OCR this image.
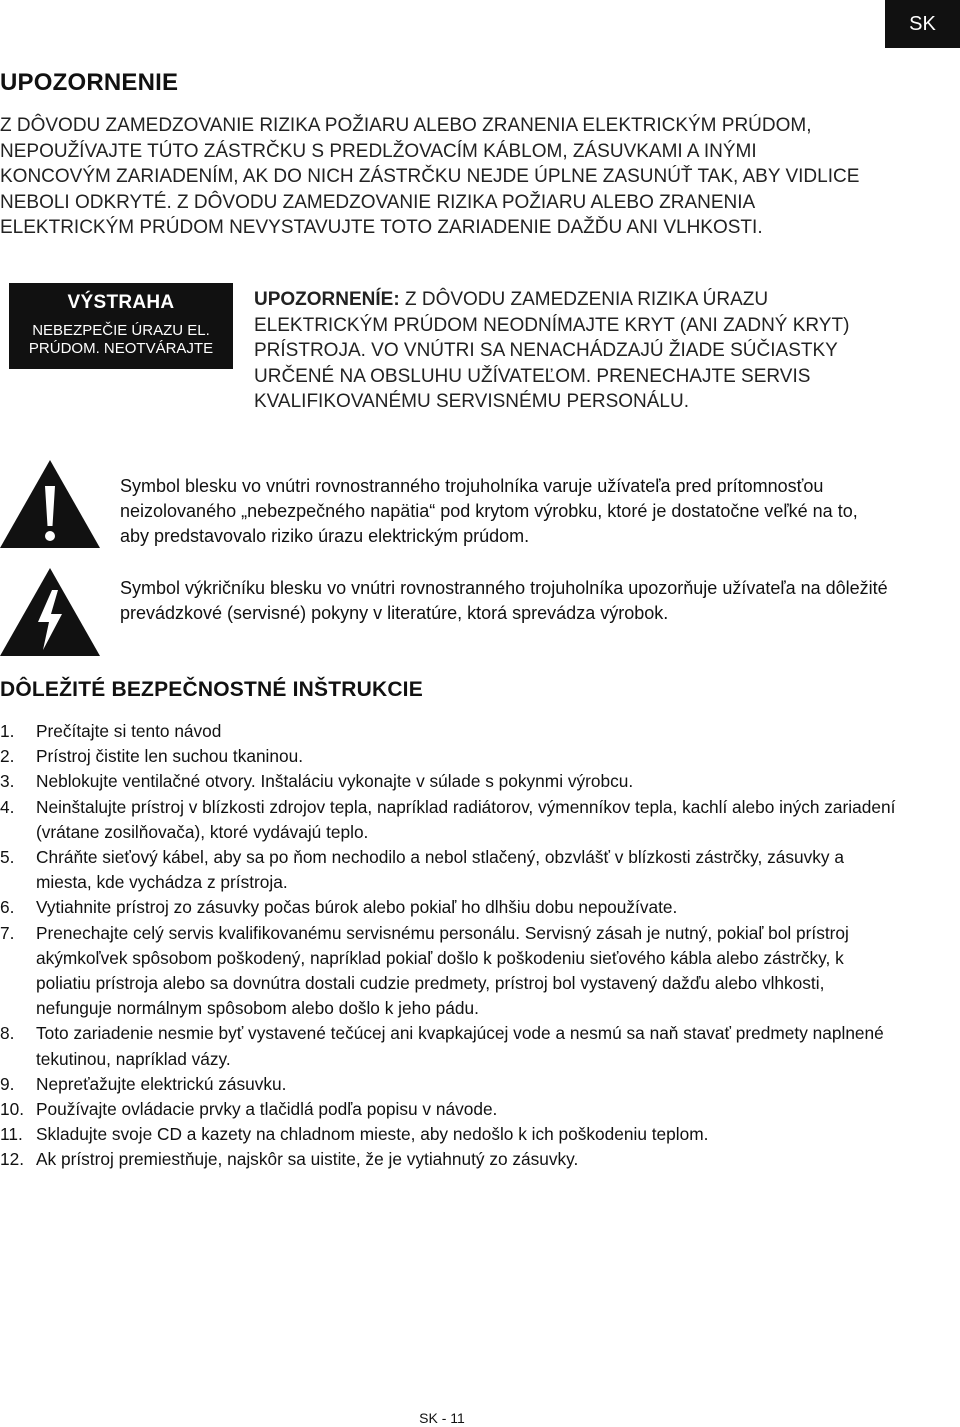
SK
UPOZORNENIE

Z DÔVODU ZAMEDZOVANIE RIZIKA POŽIARU ALEBO ZRANENIA ELEKTRICKÝM PRÚDOM, NEPOUŽÍVAJTE TÚTO ZÁSTRČKU S PREDLŽOVACÍM KÁBLOM, ZÁSUVKAMI A INÝMI KONCOVÝM ZARIADENÍM, AK DO NICH ZÁSTRČKU NEJDE ÚPLNE ZASUNÚŤ TAK, ABY VIDLICE NEBOLI ODKRYTÉ. Z DÔVODU ZAMEDZOVANIE RIZIKA POŽIARU ALEBO ZRANENIA ELEKTRICKÝM PRÚDOM NEVYSTAVUJTE TOTO ZARIADENIE DAŽĎU ANI VLHKOSTI.

VÝSTRAHA
NEBEZPEČIE ÚRAZU EL. PRÚDOM. NEOTVÁRAJTE

UPOZORNENÍE: Z DÔVODU ZAMEDZENIA RIZIKA ÚRAZU ELEKTRICKÝM PRÚDOM NEODNÍMAJTE KRYT (ANI ZADNÝ KRYT) PRÍSTROJA. VO VNÚTRI SA NENACHÁDZAJÚ ŽIADE SÚČIASTKY URČENÉ NA OBSLUHU UŽÍVATEĽOM. PRENECHAJTE SERVIS KVALIFIKOVANÉMU SERVISNÉMU PERSONÁLU.

Symbol blesku vo vnútri rovnostranného trojuholníka varuje užívateľa pred prítomnosťou neizolovaného „nebezpečného napätia“ pod krytom výrobku, ktoré je dostatočne veľké na to, aby predstavovalo riziko úrazu elektrickým prúdom.

Symbol výkričníku blesku vo vnútri rovnostranného trojuholníka upozorňuje užívateľa na dôležité prevádzkové (servisné) pokyny v literatúre, ktorá sprevádza výrobok.

DÔLEŽITÉ BEZPEČNOSTNÉ INŠTRUKCIE
1.	Prečítajte si tento návod
2.	Prístroj čistite len suchou tkaninou.
3.	Neblokujte ventilačné otvory. Inštaláciu vykonajte v súlade s pokynmi výrobcu.
4.	Neinštalujte prístroj v blízkosti zdrojov tepla, napríklad radiátorov, výmenníkov tepla, kachlí alebo iných zariadení (vrátane zosilňovača), ktoré vydávajú teplo.
5.	Chráňte sieťový kábel, aby sa po ňom nechodilo a nebol stlačený, obzvlášť v blízkosti zástrčky, zásuvky a miesta, kde vychádza z prístroja.
6.	Vytiahnite prístroj zo zásuvky počas búrok alebo pokiaľ ho dlhšiu dobu nepoužívate.
7.	Prenechajte celý servis kvalifikovanému servisnému personálu. Servisný zásah je nutný, pokiaľ bol prístroj akýmkoľvek spôsobom poškodený, napríklad pokiaľ došlo k poškodeniu sieťového kábla alebo zástrčky, k poliatiu prístroja alebo sa dovnútra dostali cudzie predmety, prístroj bol vystavený dažďu alebo vlhkosti, nefunguje normálnym spôsobom alebo došlo k jeho pádu.
8.	Toto zariadenie nesmie byť vystavené tečúcej ani kvapkajúcej vode a nesmú sa naň stavať predmety naplnené tekutinou, napríklad vázy.
9.	Nepreťažujte elektrickú zásuvku.
10. Používajte ovládacie prvky a tlačidlá podľa popisu v návode.
11. Skladujte svoje CD a kazety na chladnom mieste, aby nedošlo k ich poškodeniu teplom.
12. Ak prístroj premiestňuje, najskôr sa uistite, že je vytiahnutý zo zásuvky.
SK - 11
